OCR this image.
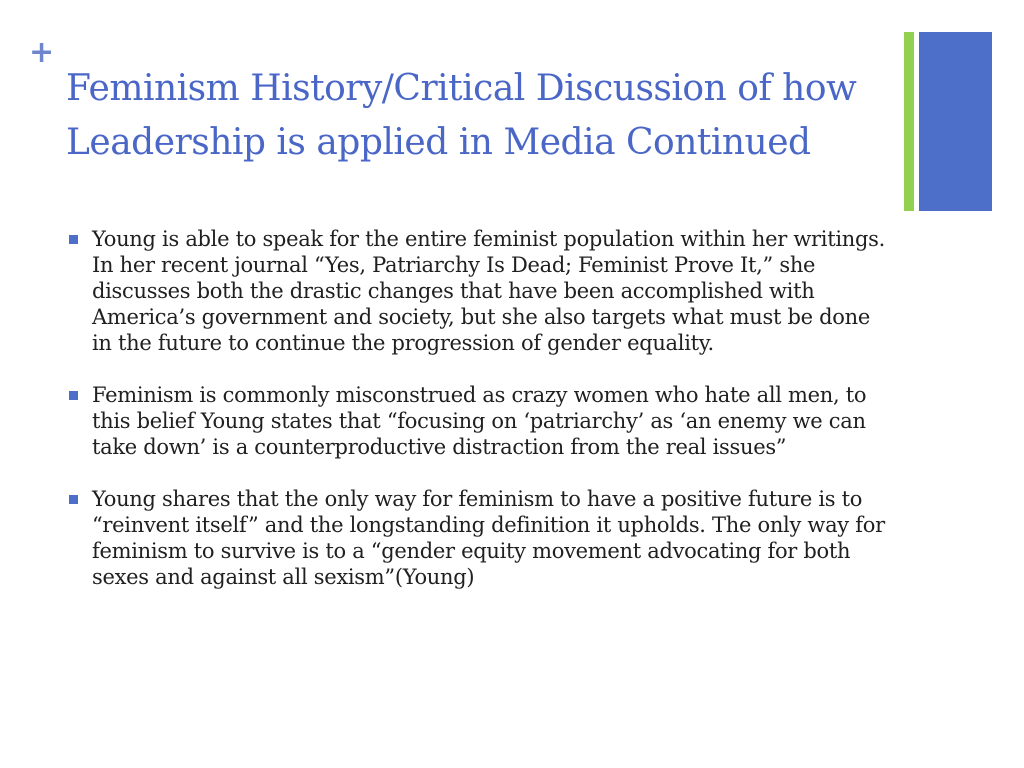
+
Feminism History/Critical Discussion of how Leadership is applied in Media Continued
Young is able to speak for the entire feminist population within her writings. In her recent journal “Yes, Patriarchy Is Dead; Feminist Prove It,” she discusses both the drastic changes that have been accomplished with America’s government and society, but she also targets what must be done in the future to continue the progression of gender equality.
Feminism is commonly misconstrued as crazy women who hate all men, to this belief Young states that “focusing on ‘patriarchy’ as ‘an enemy we can take down’ is a counterproductive distraction from the real issues”
Young shares that the only way for feminism to have a positive future is to “reinvent itself” and the longstanding definition it upholds. The only way for feminism to survive is to a “gender equity movement advocating for both sexes and against all sexism”(Young)
